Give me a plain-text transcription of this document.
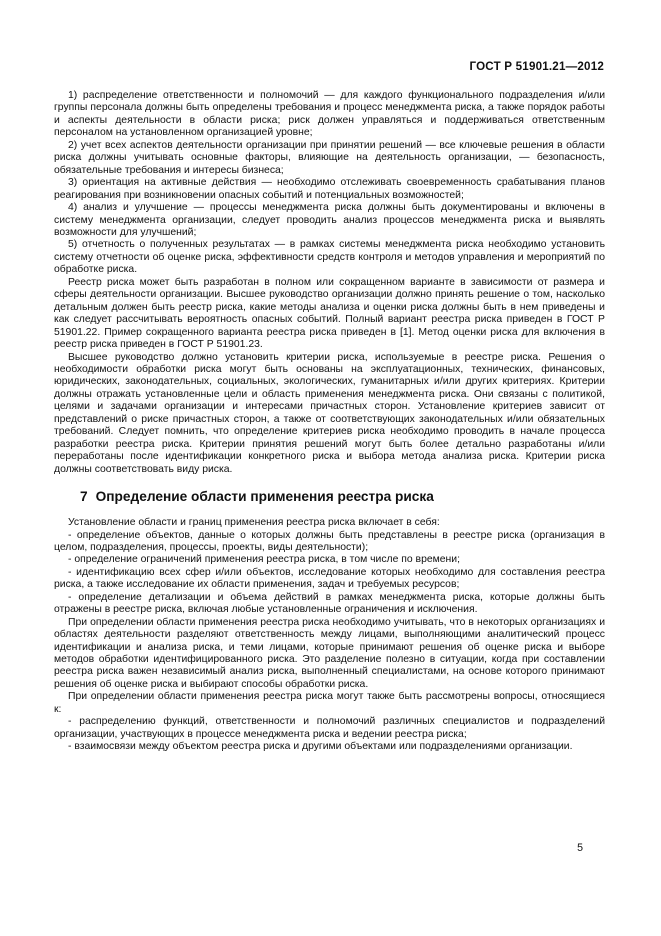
ГОСТ Р 51901.21—2012

1) распределение ответственности и полномочий — для каждого функционального подразделения и/или группы персонала должны быть определены требования и процесс менеджмента риска, а также порядок работы и аспекты деятельности в области риска; риск должен управляться и поддерживаться ответственным персоналом на установленном организацией уровне;

2) учет всех аспектов деятельности организации при принятии решений — все ключевые решения в области риска должны учитывать основные факторы, влияющие на деятельность организации, — безопасность, обязательные требования и интересы бизнеса;

3) ориентация на активные действия — необходимо отслеживать своевременность срабатывания планов реагирования при возникновении опасных событий и потенциальных возможностей;

4) анализ и улучшение — процессы менеджмента риска должны быть документированы и включены в систему менеджмента организации, следует проводить анализ процессов менеджмента риска и выявлять возможности для улучшений;

5) отчетность о полученных результатах — в рамках системы менеджмента риска необходимо установить систему отчетности об оценке риска, эффективности средств контроля и методов управления и мероприятий по обработке риска.

Реестр риска может быть разработан в полном или сокращенном варианте в зависимости от размера и сферы деятельности организации. Высшее руководство организации должно принять решение о том, насколько детальным должен быть реестр риска, какие методы анализа и оценки риска должны быть в нем приведены и как следует рассчитывать вероятность опасных событий. Полный вариант реестра риска приведен в ГОСТ Р 51901.22. Пример сокращенного варианта реестра риска приведен в [1]. Метод оценки риска для включения в реестр риска приведен в ГОСТ Р 51901.23.

Высшее руководство должно установить критерии риска, используемые в реестре риска. Решения о необходимости обработки риска могут быть основаны на эксплуатационных, технических, финансовых, юридических, законодательных, социальных, экологических, гуманитарных и/или других критериях. Критерии должны отражать установленные цели и область применения менеджмента риска. Они связаны с политикой, целями и задачами организации и интересами причастных сторон. Установление критериев зависит от представлений о риске причастных сторон, а также от соответствующих законодательных и/или обязательных требований. Следует помнить, что определение критериев риска необходимо проводить в начале процесса разработки реестра риска. Критерии принятия решений могут быть более детально разработаны и/или переработаны после идентификации конкретного риска и выбора метода анализа риска. Критерии риска должны соответствовать виду риска.

7 Определение области применения реестра риска

Установление области и границ применения реестра риска включает в себя:

- определение объектов, данные о которых должны быть представлены в реестре риска (организация в целом, подразделения, процессы, проекты, виды деятельности);

- определение ограничений применения реестра риска, в том числе по времени;

- идентификацию всех сфер и/или объектов, исследование которых необходимо для составления реестра риска, а также исследование их области применения, задач и требуемых ресурсов;

- определение детализации и объема действий в рамках менеджмента риска, которые должны быть отражены в реестре риска, включая любые установленные ограничения и исключения.

При определении области применения реестра риска необходимо учитывать, что в некоторых организациях и областях деятельности разделяют ответственность между лицами, выполняющими аналитический процесс идентификации и анализа риска, и теми лицами, которые принимают решения об оценке риска и выборе методов обработки идентифицированного риска. Это разделение полезно в ситуации, когда при составлении реестра риска важен независимый анализ риска, выполненный специалистами, на основе которого принимают решения об оценке риска и выбирают способы обработки риска.

При определении области применения реестра риска могут также быть рассмотрены вопросы, относящиеся к:

- распределению функций, ответственности и полномочий различных специалистов и подразделений организации, участвующих в процессе менеджмента риска и ведении реестра риска;

- взаимосвязи между объектом реестра риска и другими объектами или подразделениями организации.

5
